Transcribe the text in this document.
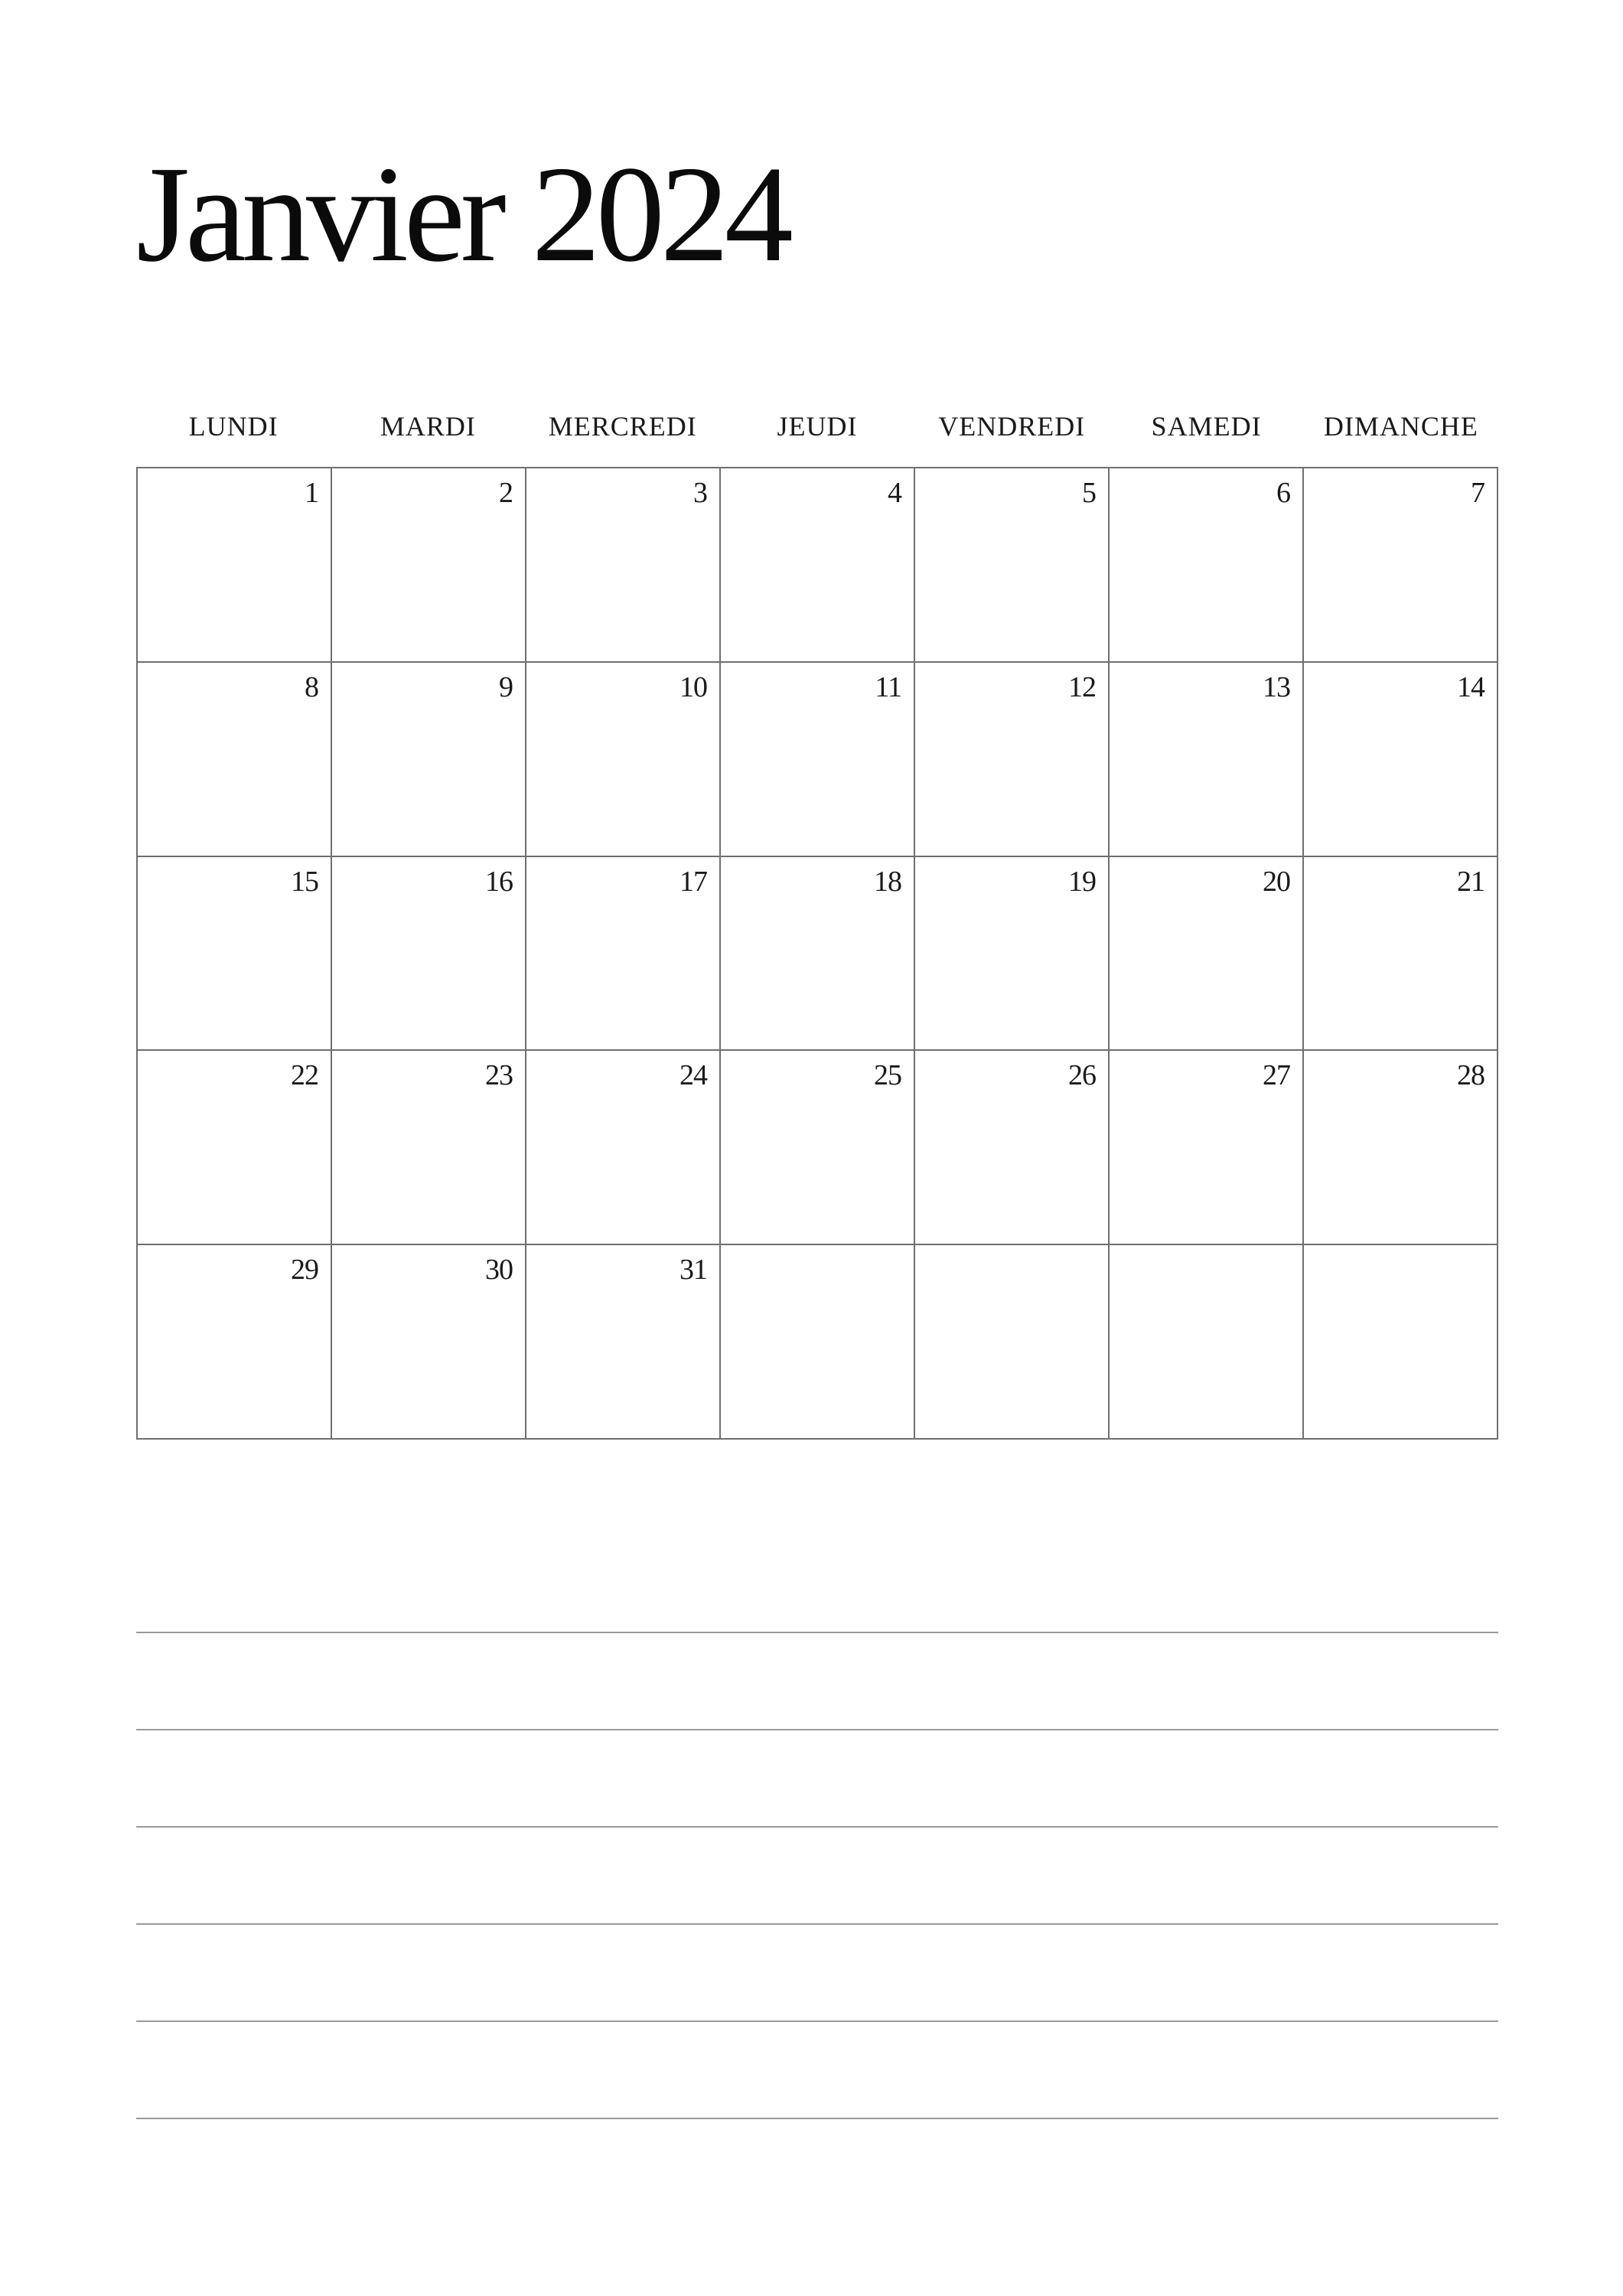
Janvier 2024
LUNDI	MARDI	MERCREDI	JEUDI	VENDREDI	SAMEDI	DIMANCHE
1	2	3	4	5	6	7
8	9	10	11	12	13	14
15	16	17	18	19	20	21
22	23	24	25	26	27	28
29	30	31
